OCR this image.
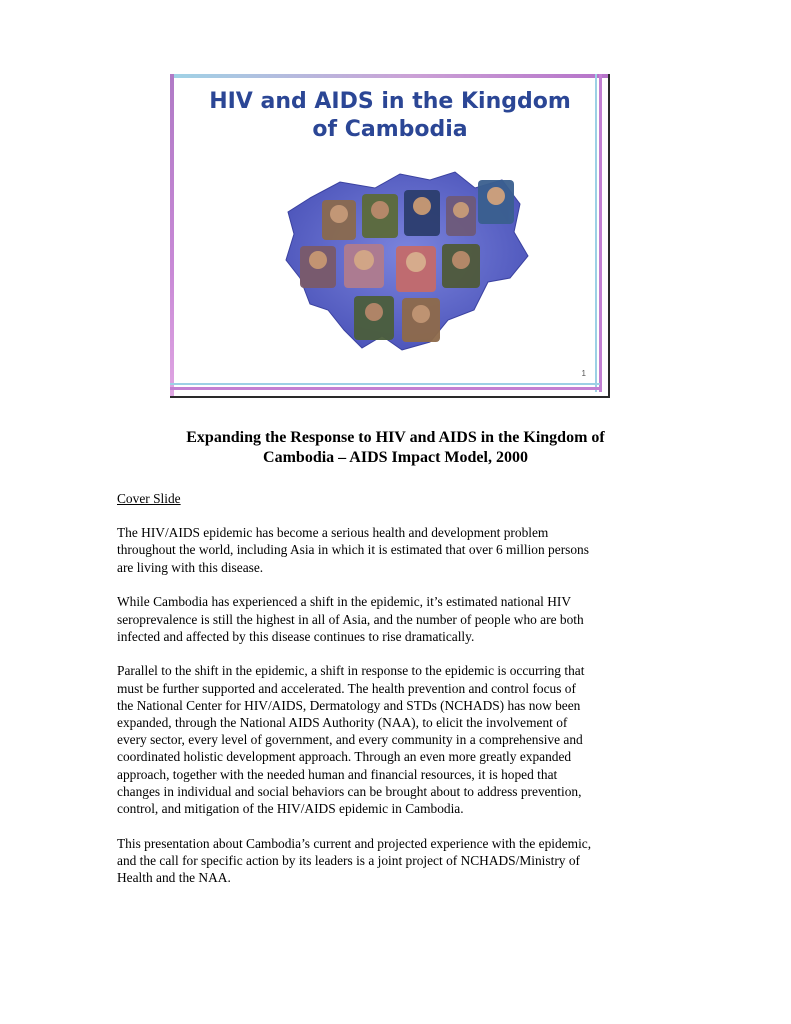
HIV and AIDS in the Kingdom
of Cambodia
1
Expanding the Response to HIV and AIDS in the Kingdom of
Cambodia – AIDS Impact Model, 2000
Cover Slide
The HIV/AIDS epidemic has become a serious health and development problem
throughout the world, including Asia in which it is estimated that over 6 million persons
are living with this disease.
While Cambodia has experienced a shift in the epidemic, it’s estimated national HIV
seroprevalence is still the highest in all of Asia, and the number of people who are both
infected and affected by this disease continues to rise dramatically.
Parallel to the shift in the epidemic, a shift in response to the epidemic is occurring that
must be further supported and accelerated. The health prevention and control focus of
the National Center for HIV/AIDS, Dermatology and STDs (NCHADS) has now been
expanded, through the National AIDS Authority (NAA), to elicit the involvement of
every sector, every level of government, and every community in a comprehensive and
coordinated holistic development approach. Through an even more greatly expanded
approach, together with the needed human and financial resources, it is hoped that
changes in individual and social behaviors can be brought about to address prevention,
control, and mitigation of the HIV/AIDS epidemic in Cambodia.
This presentation about Cambodia’s current and projected experience with the epidemic,
and the call for specific action by its leaders is a joint project of NCHADS/Ministry of
Health and the NAA.
